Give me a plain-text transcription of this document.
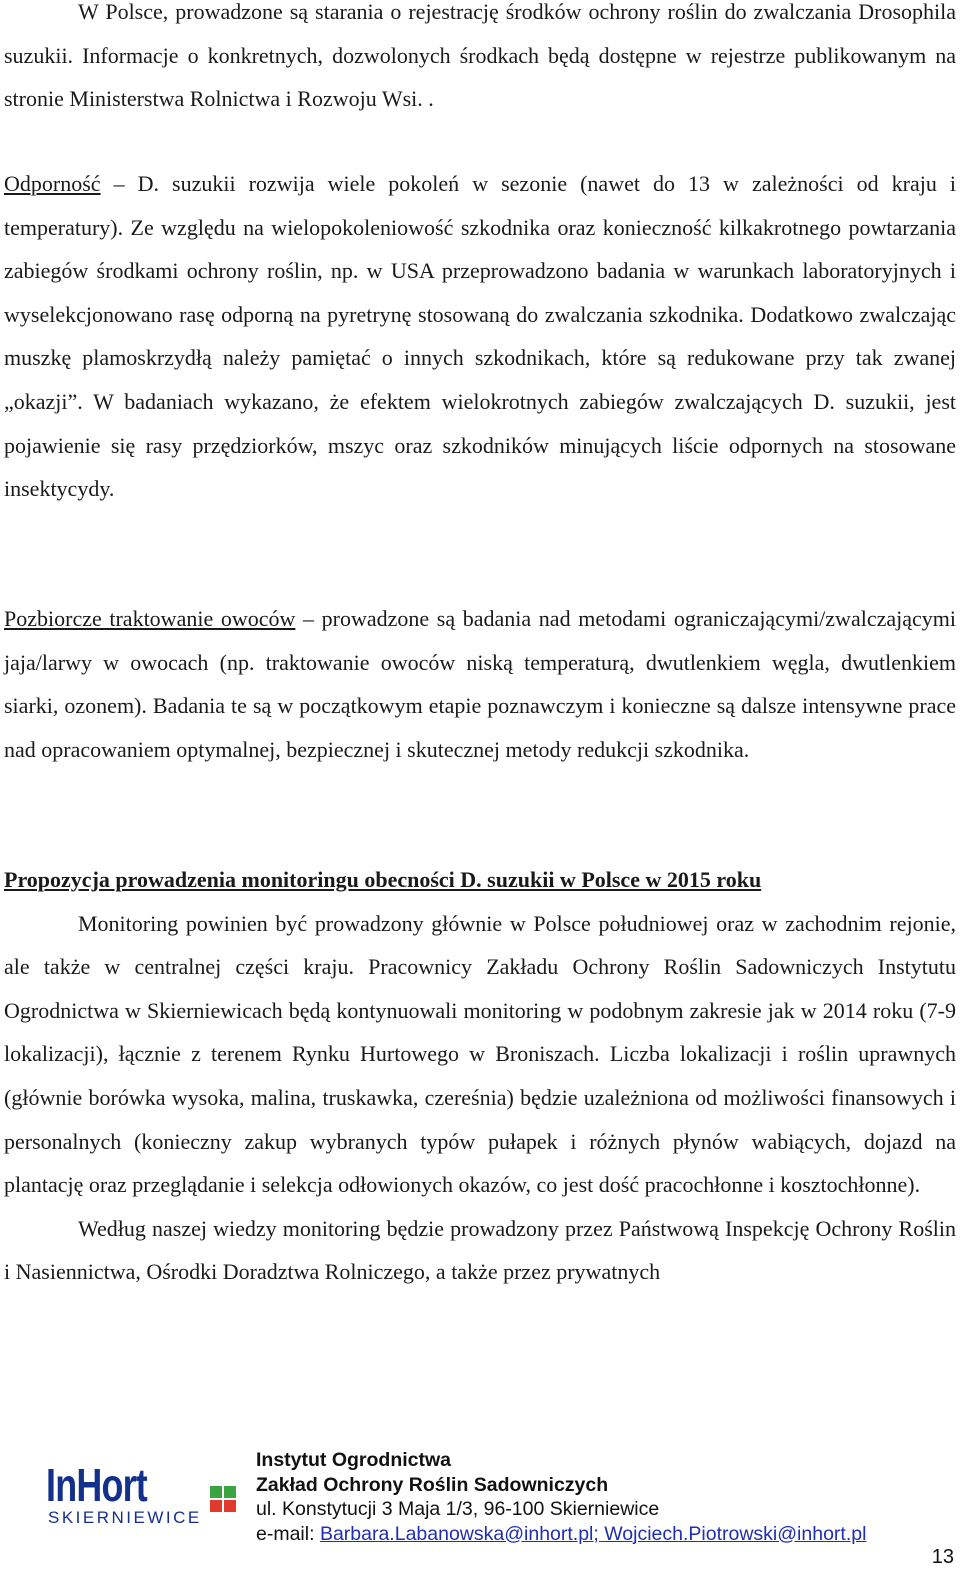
W Polsce, prowadzone są starania o rejestrację środków ochrony roślin do zwalczania Drosophila suzukii. Informacje o konkretnych, dozwolonych środkach będą dostępne w rejestrze publikowanym na stronie Ministerstwa Rolnictwa i Rozwoju Wsi. .

Odporność – D. suzukii rozwija wiele pokoleń w sezonie (nawet do 13 w zależności od kraju i temperatury). Ze względu na wielopokoleniowość szkodnika oraz konieczność kilkakrotnego powtarzania zabiegów środkami ochrony roślin, np. w USA przeprowadzono badania w warunkach laboratoryjnych i wyselekcjonowano rasę odporną na pyretrynę stosowaną do zwalczania szkodnika. Dodatkowo zwalczając muszkę plamoskrzydłą należy pamiętać o innych szkodnikach, które są redukowane przy tak zwanej „okazji”. W badaniach wykazano, że efektem wielokrotnych zabiegów zwalczających D. suzukii, jest pojawienie się rasy przędziorków, mszyc oraz szkodników minujących liście odpornych na stosowane insektycydy.

Pozbiorcze traktowanie owoców – prowadzone są badania nad metodami ograniczającymi/zwalczającymi jaja/larwy w owocach (np. traktowanie owoców niską temperaturą, dwutlenkiem węgla, dwutlenkiem siarki, ozonem). Badania te są w początkowym etapie poznawczym i konieczne są dalsze intensywne prace nad opracowaniem optymalnej, bezpiecznej i skutecznej metody redukcji szkodnika.

Propozycja prowadzenia monitoringu obecności D. suzukii w Polsce w 2015 roku

Monitoring powinien być prowadzony głównie w Polsce południowej oraz w zachodnim rejonie, ale także w centralnej części kraju. Pracownicy Zakładu Ochrony Roślin Sadowniczych Instytutu Ogrodnictwa w Skierniewicach będą kontynuowali monitoring w podobnym zakresie jak w 2014 roku (7-9 lokalizacji), łącznie z terenem Rynku Hurtowego w Broniszach. Liczba lokalizacji i roślin uprawnych (głównie borówka wysoka, malina, truskawka, czereśnia) będzie uzależniona od możliwości finansowych i personalnych (konieczny zakup wybranych typów pułapek i różnych płynów wabiących, dojazd na plantację oraz przeglądanie i selekcja odłowionych okazów, co jest dość pracochłonne i kosztochłonne).

Według naszej wiedzy monitoring będzie prowadzony przez Państwową Inspekcję Ochrony Roślin i Nasiennictwa, Ośrodki Doradztwa Rolniczego, a także przez prywatnych

InHort
SKIERNIEWICE
Instytut Ogrodnictwa
Zakład Ochrony Roślin Sadowniczych
ul. Konstytucji 3 Maja 1/3, 96-100 Skierniewice
e-mail: Barbara.Labanowska@inhort.pl; Wojciech.Piotrowski@inhort.pl
13
